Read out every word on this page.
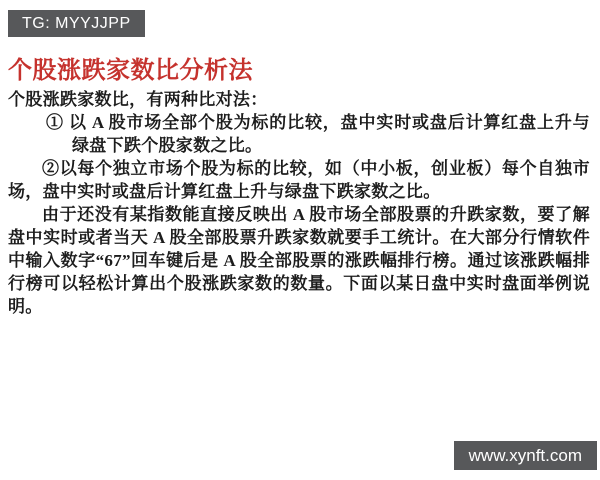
TG: MYYJJPP
个股涨跌家数比分析法

个股涨跌家数比，有两种比对法：

① 以 A 股市场全部个股为标的比较，盘中实时或盘后计算红盘上升与绿盘下跌个股家数之比。

②以每个独立市场个股为标的比较，如（中小板，创业板）每个自独市场，盘中实时或盘后计算红盘上升与绿盘下跌家数之比。

由于还没有某指数能直接反映出 A 股市场全部股票的升跌家数，要了解盘中实时或者当天 A 股全部股票升跌家数就要手工统计。在大部分行情软件中输入数字“67”回车键后是 A 股全部股票的涨跌幅排行榜。通过该涨跌幅排行榜可以轻松计算出个股涨跌家数的数量。下面以某日盘中实时盘面举例说明。

www.xynft.com
